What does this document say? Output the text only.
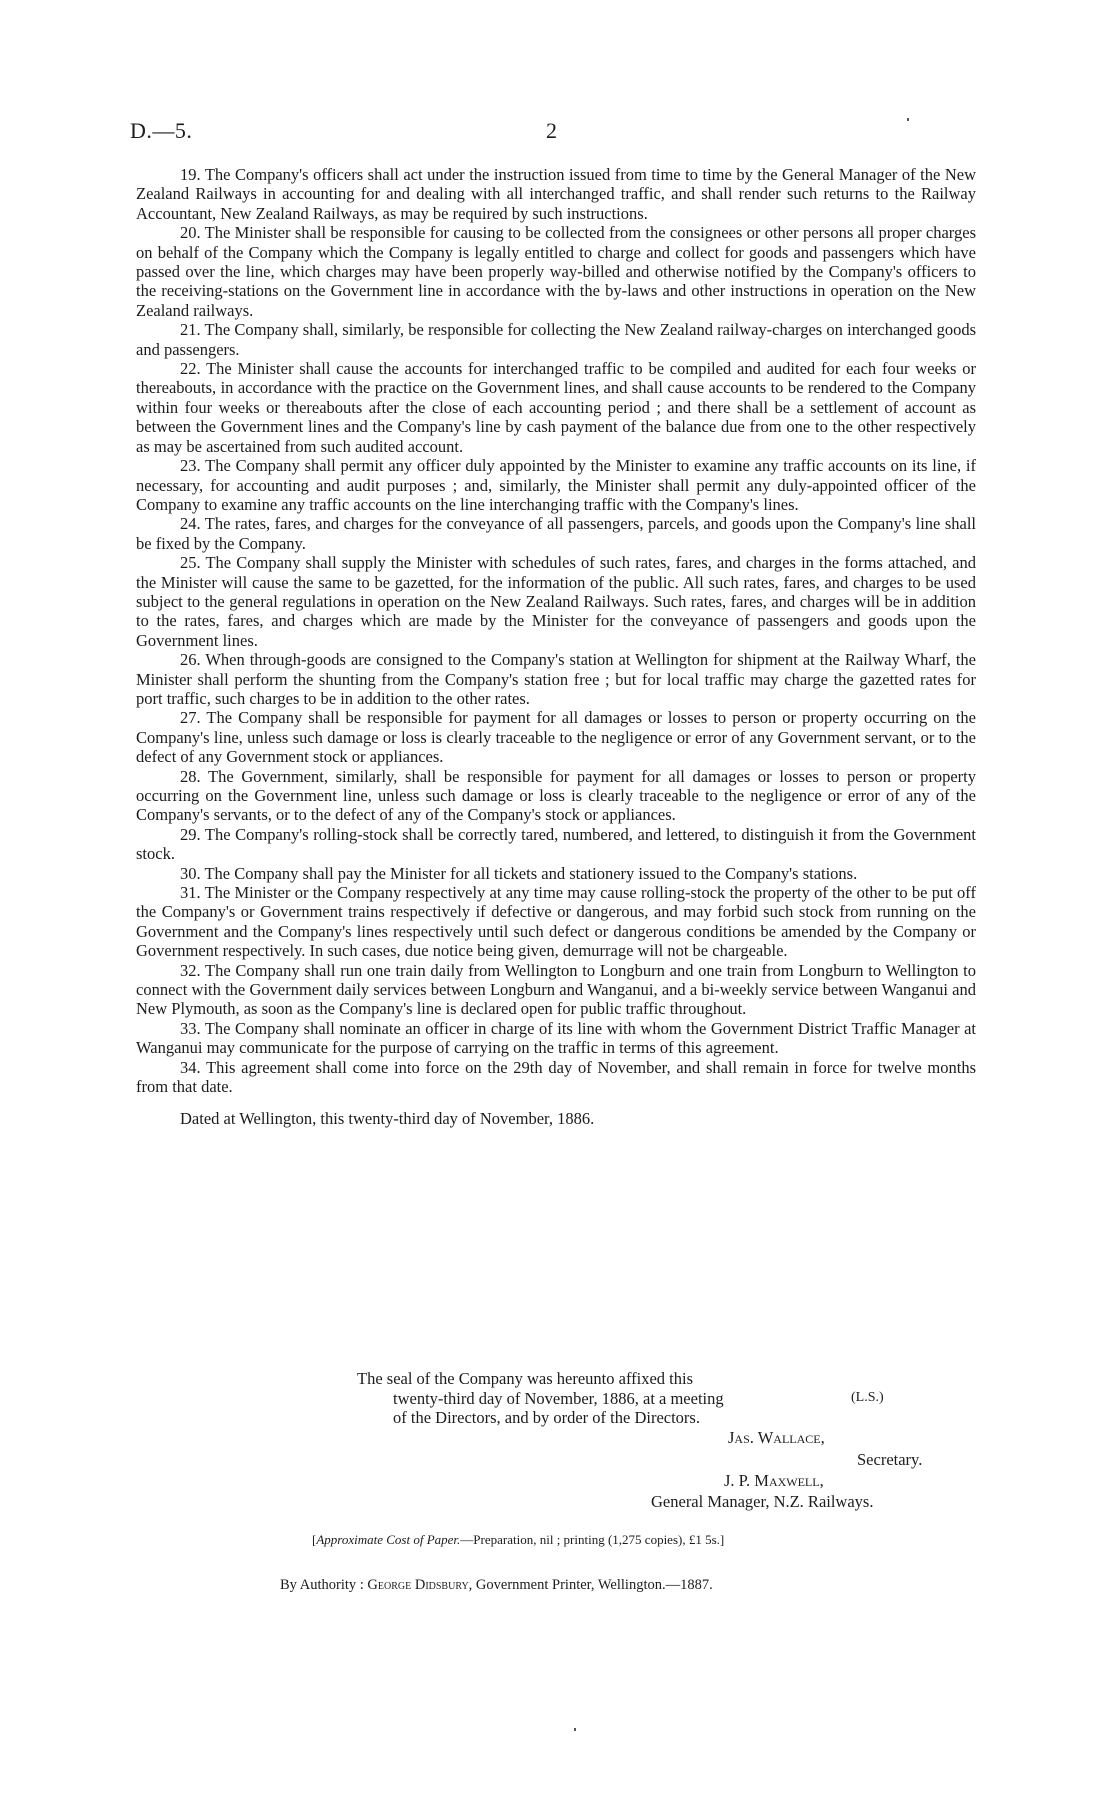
D.—5.	2

19. The Company's officers shall act under the instruction issued from time to time by the General Manager of the New Zealand Railways in accounting for and dealing with all interchanged traffic, and shall render such returns to the Railway Accountant, New Zealand Railways, as may be required by such instructions.

20. The Minister shall be responsible for causing to be collected from the consignees or other persons all proper charges on behalf of the Company which the Company is legally entitled to charge and collect for goods and passengers which have passed over the line, which charges may have been properly way-billed and otherwise notified by the Company's officers to the receiving-stations on the Government line in accordance with the by-laws and other instructions in operation on the New Zealand railways.

21. The Company shall, similarly, be responsible for collecting the New Zealand railway-charges on interchanged goods and passengers.

22. The Minister shall cause the accounts for interchanged traffic to be compiled and audited for each four weeks or thereabouts, in accordance with the practice on the Government lines, and shall cause accounts to be rendered to the Company within four weeks or thereabouts after the close of each accounting period ; and there shall be a settlement of account as between the Government lines and the Company's line by cash payment of the balance due from one to the other respectively as may be ascertained from such audited account.

23. The Company shall permit any officer duly appointed by the Minister to examine any traffic accounts on its line, if necessary, for accounting and audit purposes ; and, similarly, the Minister shall permit any duly-appointed officer of the Company to examine any traffic accounts on the line interchanging traffic with the Company's lines.

24. The rates, fares, and charges for the conveyance of all passengers, parcels, and goods upon the Company's line shall be fixed by the Company.

25. The Company shall supply the Minister with schedules of such rates, fares, and charges in the forms attached, and the Minister will cause the same to be gazetted, for the information of the public. All such rates, fares, and charges to be used subject to the general regulations in operation on the New Zealand Railways. Such rates, fares, and charges will be in addition to the rates, fares, and charges which are made by the Minister for the conveyance of passengers and goods upon the Government lines.

26. When through-goods are consigned to the Company's station at Wellington for shipment at the Railway Wharf, the Minister shall perform the shunting from the Company's station free ; but for local traffic may charge the gazetted rates for port traffic, such charges to be in addition to the other rates.

27. The Company shall be responsible for payment for all damages or losses to person or property occurring on the Company's line, unless such damage or loss is clearly traceable to the negligence or error of any Government servant, or to the defect of any Government stock or appliances.

28. The Government, similarly, shall be responsible for payment for all damages or losses to person or property occurring on the Government line, unless such damage or loss is clearly traceable to the negligence or error of any of the Company's servants, or to the defect of any of the Company's stock or appliances.

29. The Company's rolling-stock shall be correctly tared, numbered, and lettered, to distinguish it from the Government stock.

30. The Company shall pay the Minister for all tickets and stationery issued to the Company's stations.

31. The Minister or the Company respectively at any time may cause rolling-stock the property of the other to be put off the Company's or Government trains respectively if defective or dangerous, and may forbid such stock from running on the Government and the Company's lines respectively until such defect or dangerous conditions be amended by the Company or Government respectively. In such cases, due notice being given, demurrage will not be chargeable.

32. The Company shall run one train daily from Wellington to Longburn and one train from Longburn to Wellington to connect with the Government daily services between Longburn and Wanganui, and a bi-weekly service between Wanganui and New Plymouth, as soon as the Company's line is declared open for public traffic throughout.

33. The Company shall nominate an officer in charge of its line with whom the Government District Traffic Manager at Wanganui may communicate for the purpose of carrying on the traffic in terms of this agreement.

34. This agreement shall come into force on the 29th day of November, and shall remain in force for twelve months from that date.

Dated at Wellington, this twenty-third day of November, 1886.

The seal of the Company was hereunto affixed this
twenty-third day of November, 1886, at a meeting
of the Directors, and by order of the Directors.
(L.S.)
Jas. Wallace,
Secretary.
J. P. Maxwell,
General Manager, N.Z. Railways.
[Approximate Cost of Paper.—Preparation, nil ; printing (1,275 copies), £1 5s.]
By Authority : George Didsbury, Government Printer, Wellington.—1887.
